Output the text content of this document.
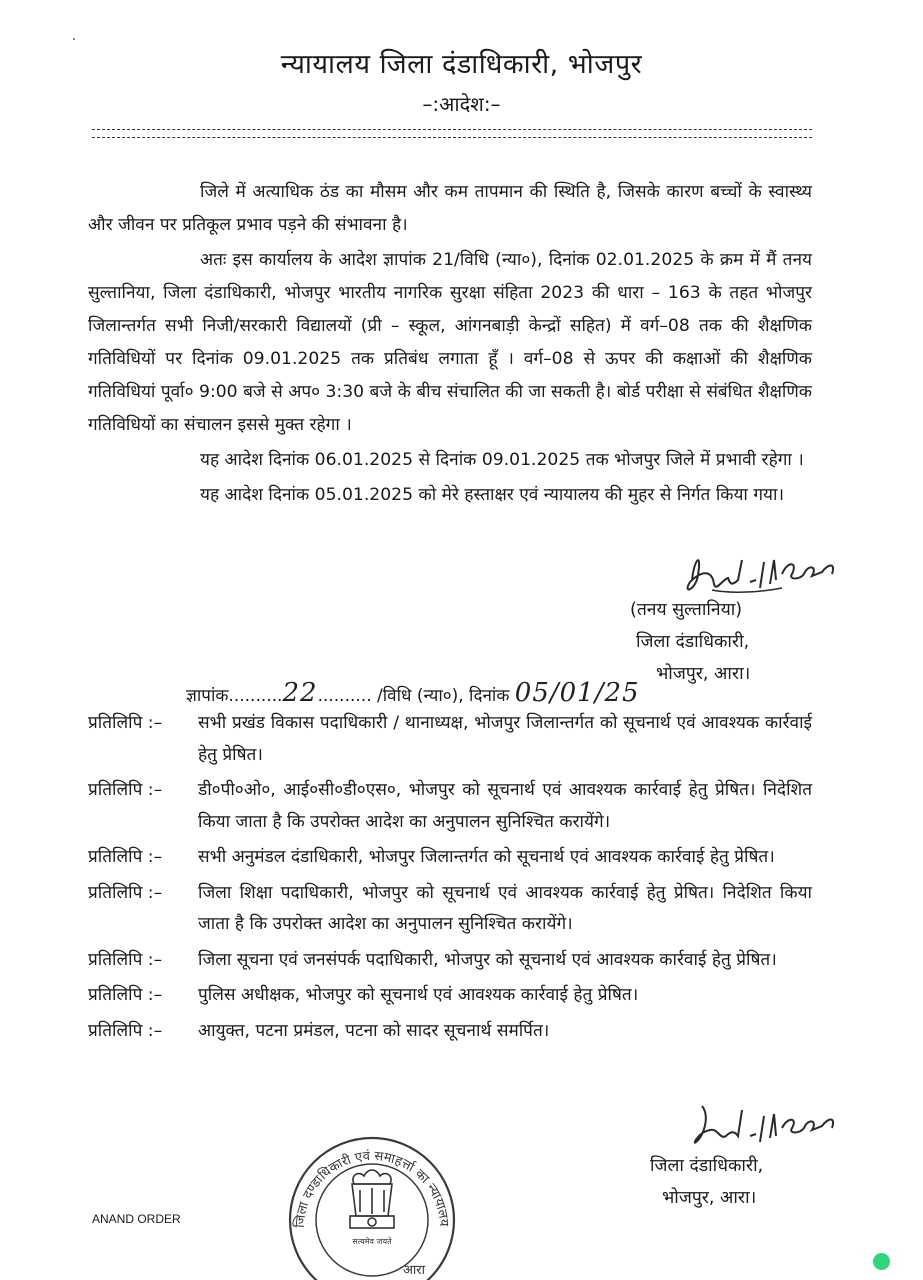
न्यायालय जिला दंडाधिकारी, भोजपुर
–:आदेश:–

जिले में अत्याधिक ठंड का मौसम और कम तापमान की स्थिति है, जिसके कारण बच्चों के स्वास्थ्य और जीवन पर प्रतिकूल प्रभाव पड़ने की संभावना है।

अतः इस कार्यालय के आदेश ज्ञापांक 21/विधि (न्या०), दिनांक 02.01.2025 के क्रम में मैं तनय सुल्तानिया, जिला दंडाधिकारी, भोजपुर भारतीय नागरिक सुरक्षा संहिता 2023 की धारा – 163 के तहत भोजपुर जिलान्तर्गत सभी निजी/सरकारी विद्यालयों (प्री – स्कूल, आंगनबाड़ी केन्द्रों सहित) में वर्ग–08 तक की शैक्षणिक गतिविधियों पर दिनांक 09.01.2025 तक प्रतिबंध लगाता हूँ । वर्ग–08 से ऊपर की कक्षाओं की शैक्षणिक गतिविधियां पूर्वा० 9:00 बजे से अप० 3:30 बजे के बीच संचालित की जा सकती है। बोर्ड परीक्षा से संबंधित शैक्षणिक गतिविधियों का संचालन इससे मुक्त रहेगा ।

यह आदेश दिनांक 06.01.2025 से दिनांक 09.01.2025 तक भोजपुर जिले में प्रभावी रहेगा ।

यह आदेश दिनांक 05.01.2025 को मेरे हस्ताक्षर एवं न्यायालय की मुहर से निर्गत किया गया।

(तनय सुल्तानिया)
जिला दंडाधिकारी,
भोजपुर, आरा।
ज्ञापांक..........22.......... /विधि (न्या०), दिनांक 05/01/25
प्रतिलिपि :–	सभी प्रखंड विकास पदाधिकारी / थानाध्यक्ष, भोजपुर जिलान्तर्गत को सूचनार्थ एवं आवश्यक कार्रवाई हेतु प्रेषित।
प्रतिलिपि :–	डी०पी०ओ०, आई०सी०डी०एस०, भोजपुर को सूचनार्थ एवं आवश्यक कार्रवाई हेतु प्रेषित। निदेशित किया जाता है कि उपरोक्त आदेश का अनुपालन सुनिश्चित करायेंगे।
प्रतिलिपि :–	सभी अनुमंडल दंडाधिकारी, भोजपुर जिलान्तर्गत को सूचनार्थ एवं आवश्यक कार्रवाई हेतु प्रेषित।
प्रतिलिपि :–	जिला शिक्षा पदाधिकारी, भोजपुर को सूचनार्थ एवं आवश्यक कार्रवाई हेतु प्रेषित। निदेशित किया जाता है कि उपरोक्त आदेश का अनुपालन सुनिश्चित करायेंगे।
प्रतिलिपि :–	जिला सूचना एवं जनसंपर्क पदाधिकारी, भोजपुर को सूचनार्थ एवं आवश्यक कार्रवाई हेतु प्रेषित।
प्रतिलिपि :–	पुलिस अधीक्षक, भोजपुर को सूचनार्थ एवं आवश्यक कार्रवाई हेतु प्रेषित।
प्रतिलिपि :–	आयुक्त, पटना प्रमंडल, पटना को सादर सूचनार्थ समर्पित।
जिला दंडाधिकारी,
भोजपुर, आरा।
जिला दण्डाधिकारी एवं समाहर्त्ता का न्यायालय
सत्यमेव जयते
आरा
ANAND ORDER
